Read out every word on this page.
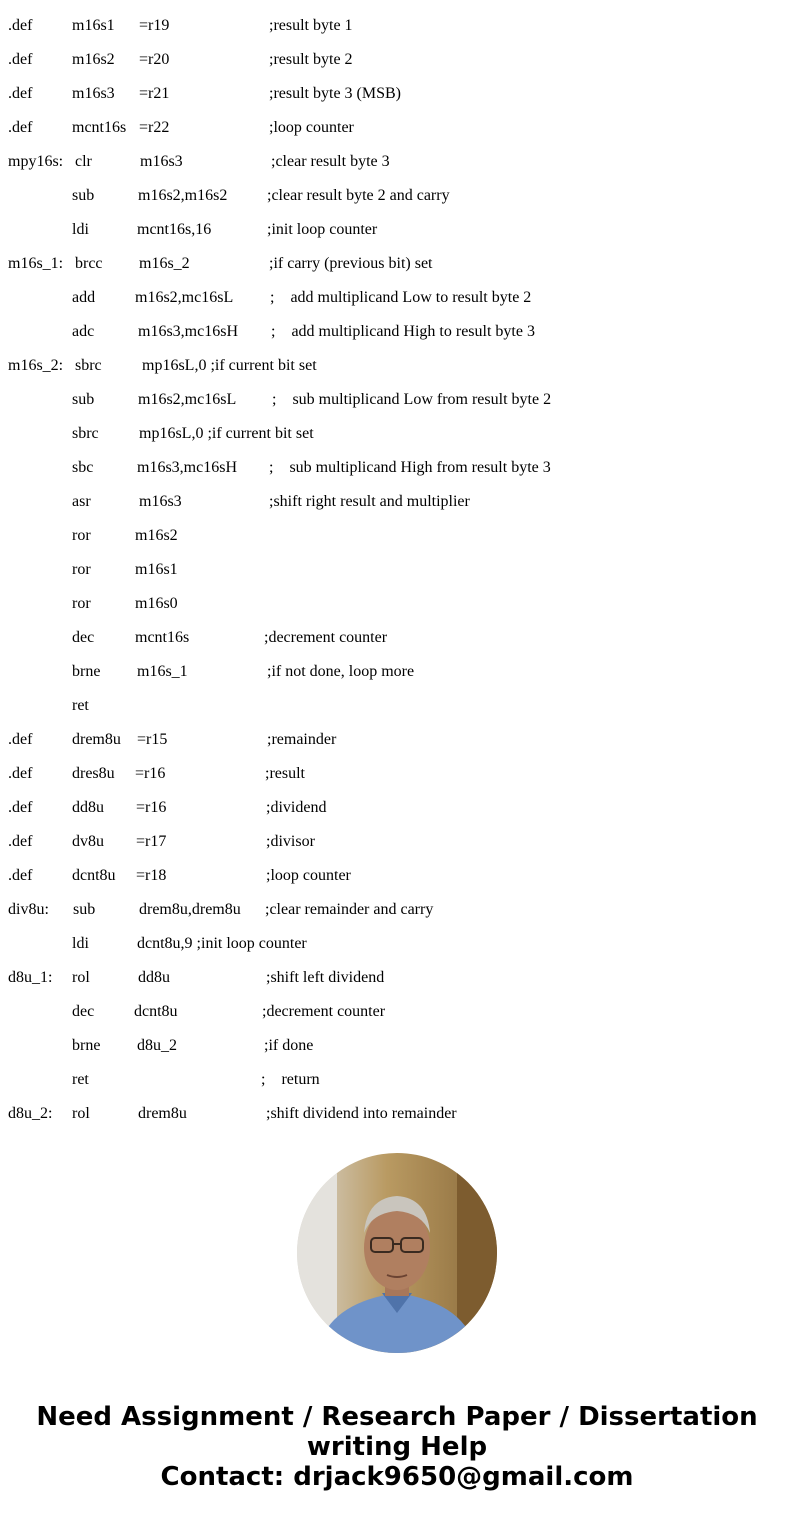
.def m16s1 =r19	;result byte 1
.def m16s2 =r20	;result byte 2
.def m16s3 =r21	;result byte 3 (MSB)
.def mcnt16s =r22	;loop counter
mpy16s: clr	m16s3	;clear result byte 3
sub	m16s2,m16s2 ;clear result byte 2 and carry
ldi	mcnt16s,16	;init loop counter
m16s_1: brcc m16s_2	;if carry (previous bit) set
add m16s2,mc16sL ;    add multiplicand Low to result byte 2
adc	m16s3,mc16sH ;    add multiplicand High to result byte 3
m16s_2: sbrc	mp16sL,0 ;if current bit set
sub	m16s2,mc16sL ;    sub multiplicand Low from result byte 2
sbrc	mp16sL,0 ;if current bit set
sbc	m16s3,mc16sH ;    sub multiplicand High from result byte 3
asr	m16s3	;shift right result and multiplier
ror	m16s2
ror	m16s1
ror	m16s0
dec	mcnt16s	;decrement counter
brne m16s_1	;if not done, loop more
ret
.def drem8u =r15	;remainder
.def dres8u =r16	;result
.def dd8u =r16	;dividend
.def dv8u =r17	;divisor
.def dcnt8u =r18	;loop counter
div8u: sub	drem8u,drem8u ;clear remainder and carry
ldi	dcnt8u,9 ;init loop counter
d8u_1: rol	dd8u	;shift left dividend
dec dcnt8u	;decrement counter
brne d8u_2	;if done
ret	;    return
d8u_2: rol	drem8u	;shift dividend into remainder
Need Assignment / Research Paper / Dissertation
writing Help
Contact: drjack9650@gmail.com
